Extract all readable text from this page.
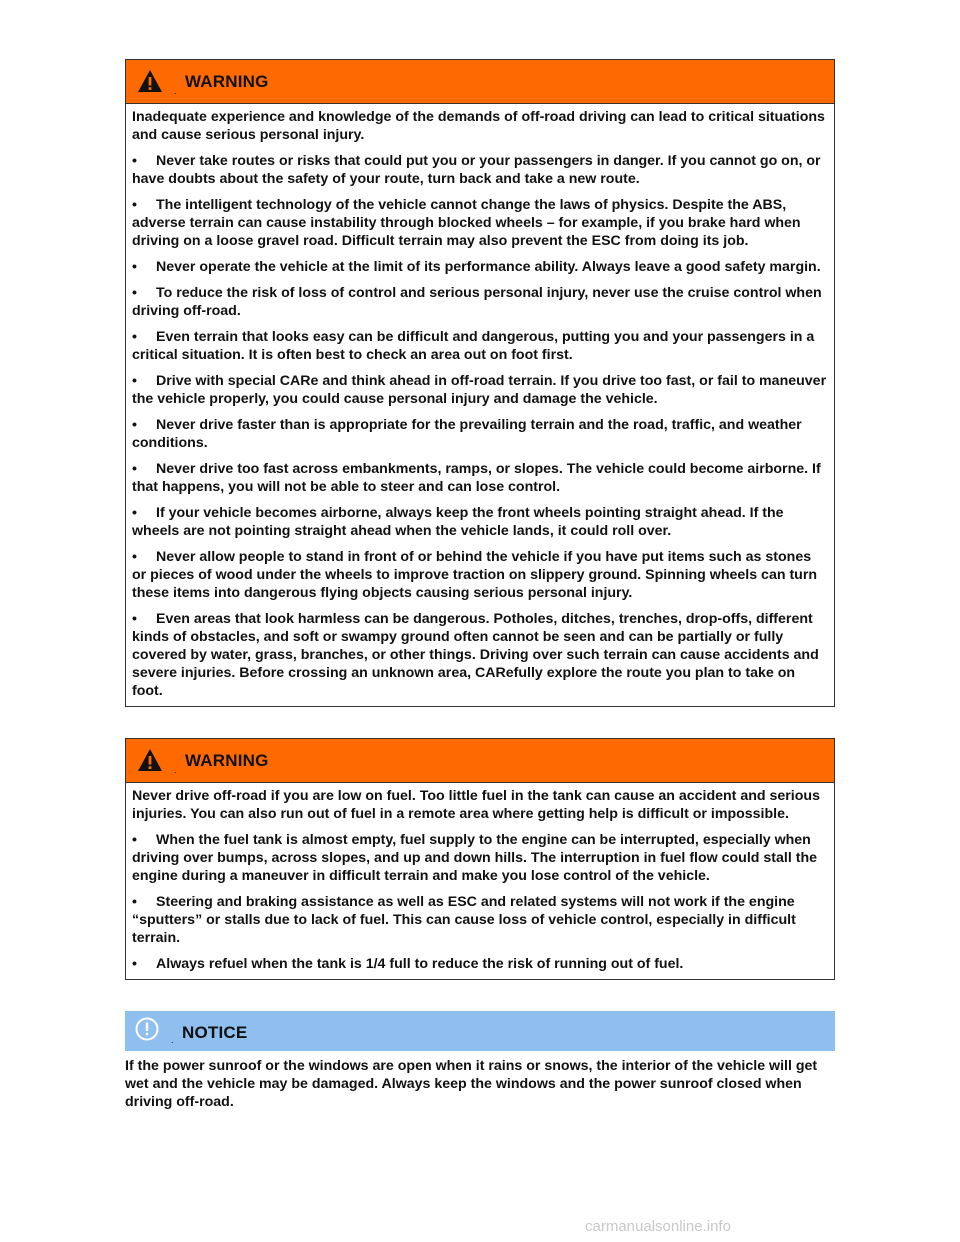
. WARNING

Inadequate experience and knowledge of the demands of off-road driving can lead to critical situations and cause serious personal injury.

• Never take routes or risks that could put you or your passengers in danger. If you cannot go on, or have doubts about the safety of your route, turn back and take a new route.

• The intelligent technology of the vehicle cannot change the laws of physics. Despite the ABS, adverse terrain can cause instability through blocked wheels – for example, if you brake hard when driving on a loose gravel road. Difficult terrain may also prevent the ESC from doing its job.

• Never operate the vehicle at the limit of its performance ability. Always leave a good safety margin.

• To reduce the risk of loss of control and serious personal injury, never use the cruise control when driving off-road.

• Even terrain that looks easy can be difficult and dangerous, putting you and your passengers in a critical situation. It is often best to check an area out on foot first.

• Drive with special CARe and think ahead in off-road terrain. If you drive too fast, or fail to maneuver the vehicle properly, you could cause personal injury and damage the vehicle.

• Never drive faster than is appropriate for the prevailing terrain and the road, traffic, and weather conditions.

• Never drive too fast across embankments, ramps, or slopes. The vehicle could become airborne. If that happens, you will not be able to steer and can lose control.

• If your vehicle becomes airborne, always keep the front wheels pointing straight ahead. If the wheels are not pointing straight ahead when the vehicle lands, it could roll over.

• Never allow people to stand in front of or behind the vehicle if you have put items such as stones or pieces of wood under the wheels to improve traction on slippery ground. Spinning wheels can turn these items into dangerous flying objects causing serious personal injury.

• Even areas that look harmless can be dangerous. Potholes, ditches, trenches, drop-offs, different kinds of obstacles, and soft or swampy ground often cannot be seen and can be partially or fully covered by water, grass, branches, or other things. Driving over such terrain can cause accidents and severe injuries. Before crossing an unknown area, CARefully explore the route you plan to take on foot.

. WARNING

Never drive off-road if you are low on fuel. Too little fuel in the tank can cause an accident and serious injuries. You can also run out of fuel in a remote area where getting help is difficult or impossible.

• When the fuel tank is almost empty, fuel supply to the engine can be interrupted, especially when driving over bumps, across slopes, and up and down hills. The interruption in fuel flow could stall the engine during a maneuver in difficult terrain and make you lose control of the vehicle.

• Steering and braking assistance as well as ESC and related systems will not work if the engine “sputters” or stalls due to lack of fuel. This can cause loss of vehicle control, especially in difficult terrain.

• Always refuel when the tank is 1/4 full to reduce the risk of running out of fuel.

. NOTICE

If the power sunroof or the windows are open when it rains or snows, the interior of the vehicle will get wet and the vehicle may be damaged. Always keep the windows and the power sunroof closed when driving off-road.

carmanualsonline.info
